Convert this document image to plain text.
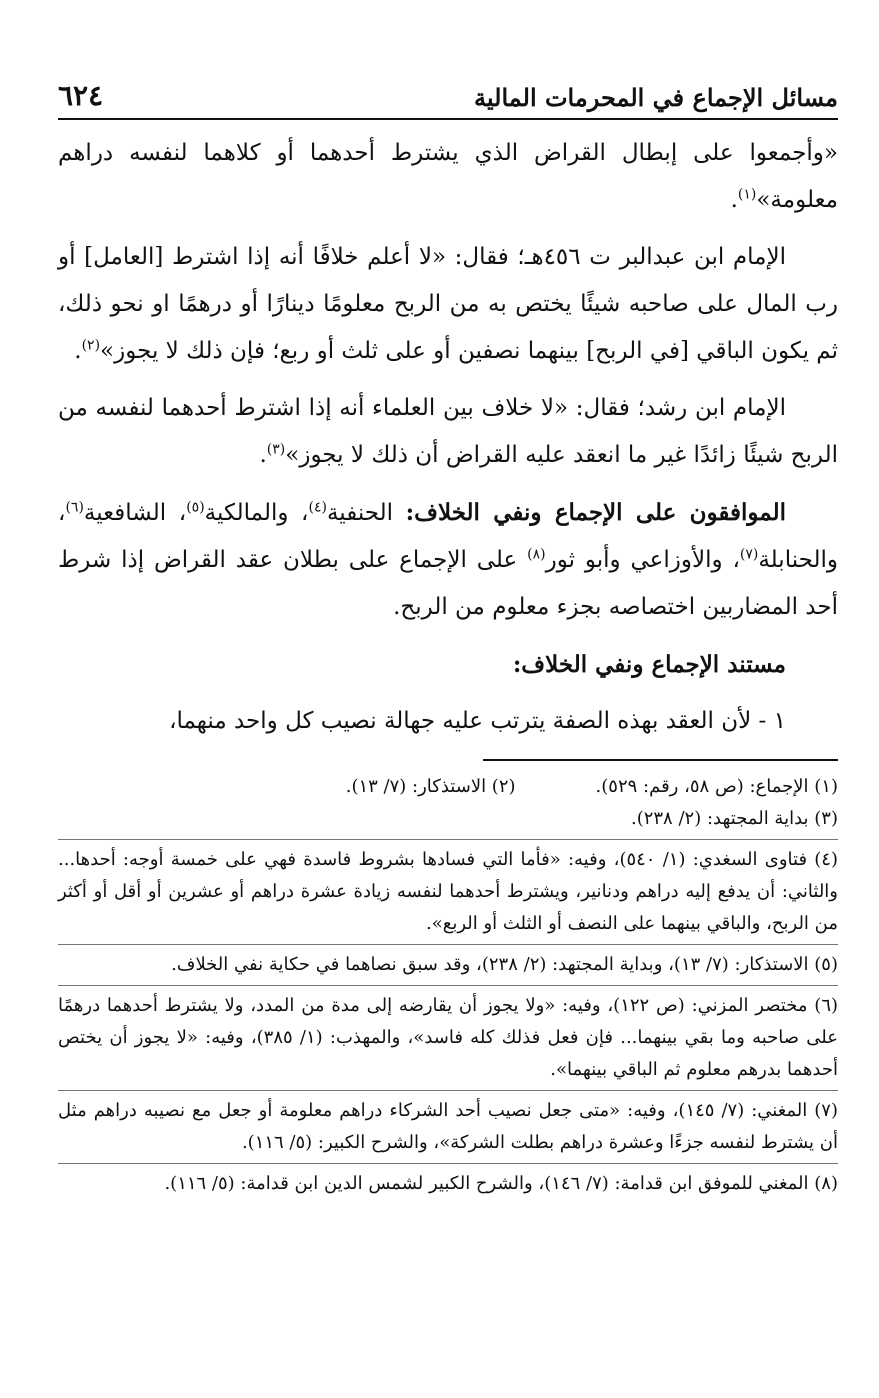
مسائل الإجماع في المحرمات المالية
٦٢٤

«وأجمعوا على إبطال القراض الذي يشترط أحدهما أو كلاهما لنفسه دراهم معلومة»$^{(١)}$.

الإمام ابن عبدالبر ت ٤٥٦هـ؛ فقال: «لا أعلم خلافًا أنه إذا اشترط [العامل] أو رب المال على صاحبه شيئًا يختص به من الربح معلومًا دينارًا أو درهمًا او نحو ذلك، ثم يكون الباقي [في الربح] بينهما نصفين أو على ثلث أو ربع؛ فإن ذلك لا يجوز»$^{(٢)}$.

الإمام ابن رشد؛ فقال: «لا خلاف بين العلماء أنه إذا اشترط أحدهما لنفسه من الربح شيئًا زائدًا غير ما انعقد عليه القراض أن ذلك لا يجوز»$^{(٣)}$.

الموافقون على الإجماع ونفي الخلاف: الحنفية$^{(٤)}$، والمالكية$^{(٥)}$، الشافعية$^{(٦)}$، والحنابلة$^{(٧)}$، والأوزاعي وأبو ثور$^{(٨)}$ على الإجماع على بطلان عقد القراض إذا شرط أحد المضاربين اختصاصه بجزء معلوم من الربح.

مستند الإجماع ونفي الخلاف:

١ - لأن العقد بهذه الصفة يترتب عليه جهالة نصيب كل واحد منهما،

(١) الإجماع: (ص ٥٨، رقم: ٥٢٩).

(٢) الاستذكار: (٧/ ١٣).

(٣) بداية المجتهد: (٢/ ٢٣٨).

(٤) فتاوى السغدي: (١/ ٥٤٠)، وفيه: «فأما التي فسادها بشروط فاسدة فهي على خمسة أوجه: أحدها... والثاني: أن يدفع إليه دراهم ودنانير، ويشترط أحدهما لنفسه زيادة عشرة دراهم أو عشرين أو أقل أو أكثر من الربح، والباقي بينهما على النصف أو الثلث أو الربع».

(٥) الاستذكار: (٧/ ١٣)، وبداية المجتهد: (٢/ ٢٣٨)، وقد سبق نصاهما في حكاية نفي الخلاف.

(٦) مختصر المزني: (ص ١٢٢)، وفيه: «ولا يجوز أن يقارضه إلى مدة من المدد، ولا يشترط أحدهما درهمًا على صاحبه وما بقي بينهما... فإن فعل فذلك كله فاسد»، والمهذب: (١/ ٣٨٥)، وفيه: «لا يجوز أن يختص أحدهما بدرهم معلوم ثم الباقي بينهما».

(٧) المغني: (٧/ ١٤٥)، وفيه: «متى جعل نصيب أحد الشركاء دراهم معلومة أو جعل مع نصيبه دراهم مثل أن يشترط لنفسه جزءًا وعشرة دراهم بطلت الشركة»، والشرح الكبير: (٥/ ١١٦).

(٨) المغني للموفق ابن قدامة: (٧/ ١٤٦)، والشرح الكبير لشمس الدين ابن قدامة: (٥/ ١١٦).
